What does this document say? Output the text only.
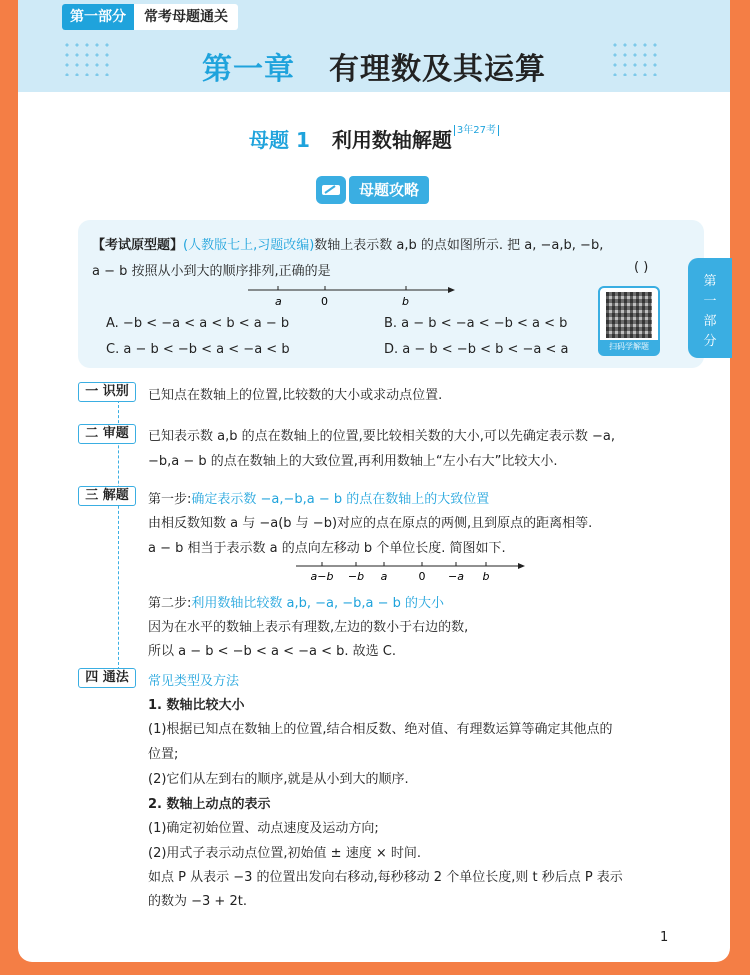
第一部分	常考母题通关
第一章 有理数及其运算
母题 1 利用数轴解题 $^{3年27考}$
母题攻略
【考试原型题】(人教版七上,习题改编)数轴上表示数 a,b 的点如图所示. 把 a, −a,b, −b,
a − b 按照从小到大的顺序排列,正确的是	( )
a	0	b
A. −b < −a < a < b < a − b	B. a − b < −a < −b < a < b
C. a − b < −b < a < −a < b	D. a − b < −b < b < −a < a	扫码学解题
一 识别	已知点在数轴上的位置,比较数的大小或求动点位置.
二 审题	已知表示数 a,b 的点在数轴上的位置,要比较相关数的大小,可以先确定表示数 −a,
−b,a − b 的点在数轴上的大致位置,再利用数轴上“左小右大”比较大小.
三 解题	第一步:确定表示数 −a,−b,a − b 的点在数轴上的大致位置
由相反数知数 a 与 −a(b 与 −b)对应的点在原点的两侧,且到原点的距离相等.
a − b 相当于表示数 a 的点向左移动 b 个单位长度. 简图如下.
a−b −b a	0 −a b
第二步:利用数轴比较数 a,b, −a, −b,a − b 的大小
因为在水平的数轴上表示有理数,左边的数小于右边的数,
所以 a − b < −b < a < −a < b. 故选 C.
四 通法	常见类型及方法
1. 数轴比较大小
(1)根据已知点在数轴上的位置,结合相反数、绝对值、有理数运算等确定其他点的
位置;
(2)它们从左到右的顺序,就是从小到大的顺序.
2. 数轴上动点的表示
(1)确定初始位置、动点速度及运动方向;
(2)用式子表示动点位置,初始值 ± 速度 × 时间.
如点 P 从表示 −3 的位置出发向右移动,每秒移动 2 个单位长度,则 t 秒后点 P 表示
的数为 −3 + 2t.
1
第
一
部
分
